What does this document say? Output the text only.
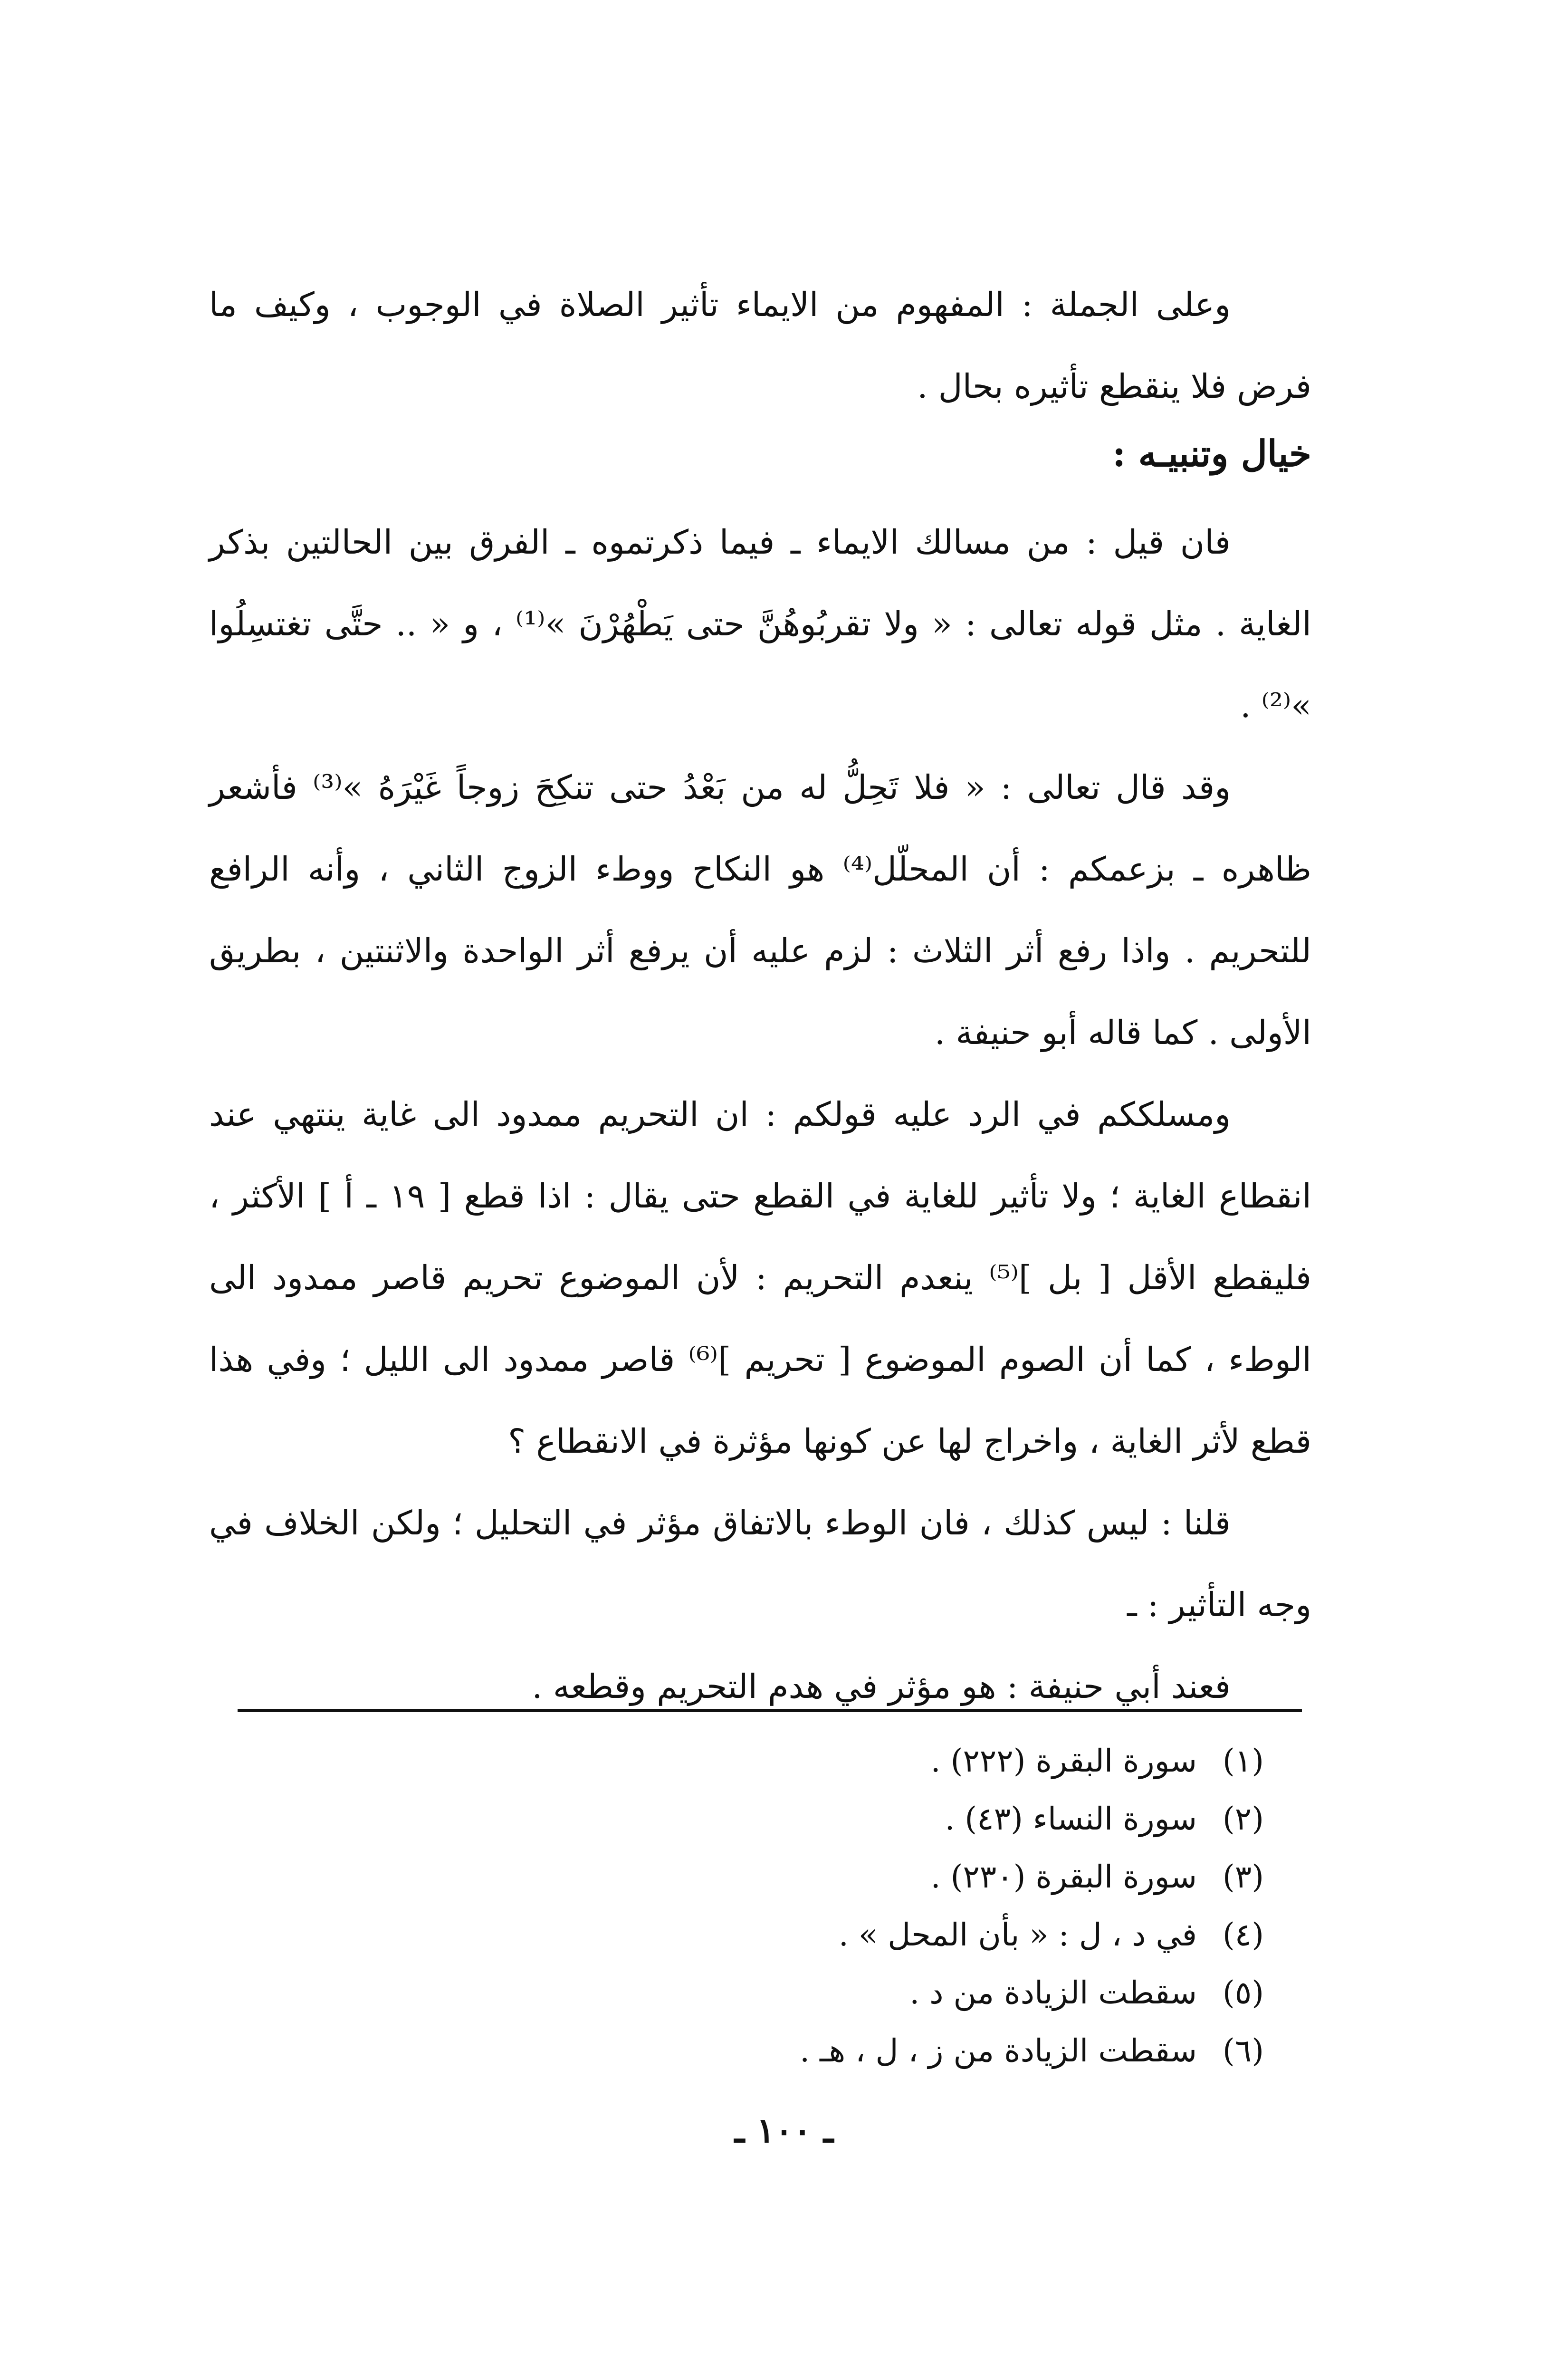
وعلى الجملة : المفهوم من الايماء تأثير الصلاة في الوجوب ، وكيف ما فرض فلا ينقطع تأثيره بحال .

خيال وتنبيـه :

فان قيل : من مسالك الايماء ـ فيما ذكرتموه ـ الفرق بين الحالتين بذكر الغاية . مثل قوله تعالى : « ولا تقربُوهُنَّ حتى يَطْهُرْنَ »⁽¹⁾ ، و « .. حتَّى تغتسِلُوا »⁽²⁾ .

وقد قال تعالى : « فلا تَحِلُّ له من بَعْدُ حتى تنكِحَ زوجاً غَيْرَهُ »⁽³⁾ فأشعر ظاهره ـ بزعمكم : أن المحلّل⁽⁴⁾ هو النكاح ووطء الزوج الثاني ، وأنه الرافع للتحريم . واذا رفع أثر الثلاث : لزم عليه أن يرفع أثر الواحدة والاثنتين ، بطريق الأولى . كما قاله أبو حنيفة .

ومسلككم في الرد عليه قولكم : ان التحريم ممدود الى غاية ينتهي عند انقطاع الغاية ؛ ولا تأثير للغاية في القطع حتى يقال : اذا قطع [ ١٩ ـ أ ] الأكثر ، فليقطع الأقل [ بل ]⁽⁵⁾ ينعدم التحريم : لأن الموضوع تحريم قاصر ممدود الى الوطء ، كما أن الصوم الموضوع [ تحريم ]⁽⁶⁾ قاصر ممدود الى الليل ؛ وفي هذا قطع لأثر الغاية ، واخراج لها عن كونها مؤثرة في الانقطاع ؟

قلنا : ليس كذلك ، فان الوطء بالاتفاق مؤثر في التحليل ؛ ولكن الخلاف في وجه التأثير : ـ

فعند أبي حنيفة : هو مؤثر في هدم التحريم وقطعه .

(١) سورة البقرة (٢٢٢) .
(٢) سورة النساء (٤٣) .
(٣) سورة البقرة (٢٣٠) .
(٤) في د ، ل : « بأن المحل » .
(٥) سقطت الزيادة من د .
(٦) سقطت الزيادة من ز ، ل ، هـ .
ـ ١٠٠ ـ
